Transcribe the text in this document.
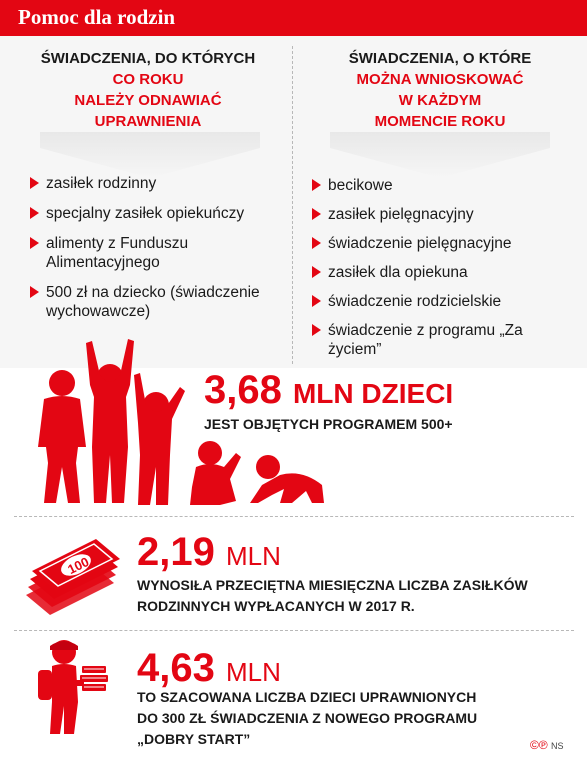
Pomoc dla rodzin
ŚWIADCZENIA, DO KTÓRYCH
CO ROKU
NALEŻY ODNAWIAĆ
UPRAWNIENIA
ŚWIADCZENIA, O KTÓRE
MOŻNA WNIOSKOWAĆ
W KAŻDYM
MOMENCIE ROKU
zasiłek rodzinny
specjalny zasiłek opiekuńczy
alimenty z Funduszu Alimentacyjnego
500 zł na dziecko (świadczenie wychowawcze)
becikowe
zasiłek pielęgnacyjny
świadczenie pielęgnacyjne
zasiłek dla opiekuna
świadczenie rodzicielskie
świadczenie z programu „Za życiem”
3,68 MLN DZIECI
JEST OBJĘTYCH PROGRAMEM 500+
100 2,19 MLN
WYNOSIŁA PRZECIĘTNA MIESIĘCZNA LICZBA ZASIŁKÓW
RODZINNYCH WYPŁACANYCH W 2017 R.
4,63 MLN
TO SZACOWANA LICZBA DZIECI UPRAWNIONYCH
DO 300 ZŁ ŚWIADCZENIA Z NOWEGO PROGRAMU
„DOBRY START”	©℗ NS
